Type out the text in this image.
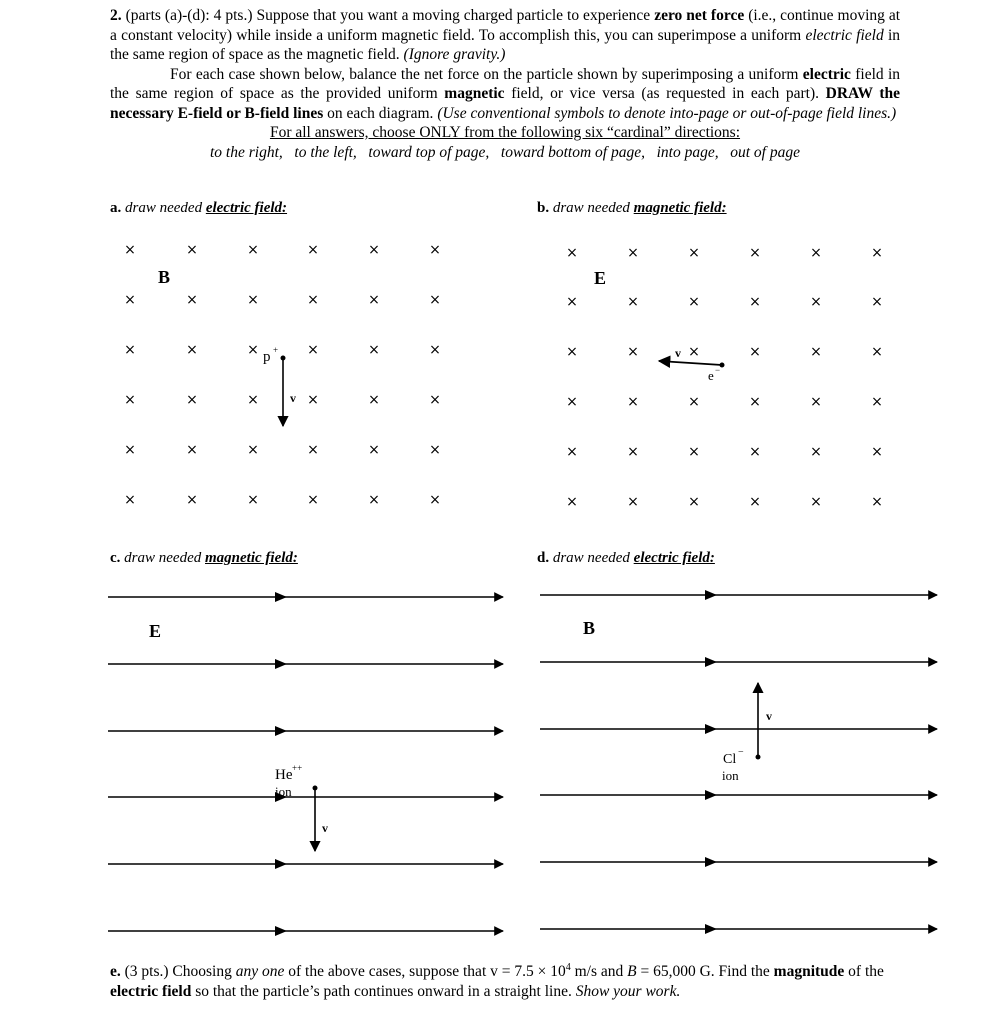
2. (parts (a)-(d): 4 pts.) Suppose that you want a moving charged particle to experience zero net force (i.e., continue moving at a constant velocity) while inside a uniform magnetic field. To accomplish this, you can superimpose a uniform electric field in the same region of space as the magnetic field. (Ignore gravity.)

For each case shown below, balance the net force on the particle shown by superimposing a uniform electric field in the same region of space as the provided uniform magnetic field, or vice versa (as requested in each part). DRAW the necessary E-field or B-field lines on each diagram. (Use conventional symbols to denote into-page or out-of-page field lines.)

For all answers, choose ONLY from the following six “cardinal” directions:

to the right,   to the left,   toward top of page,   toward bottom of page,   into page,   out of page

a. draw needed electric field:	b. draw needed magnetic field:
c. draw needed magnetic field:	d. draw needed electric field:
×	×	×	×	×	×
×	×	×	×	×	×
×	×	×	×	×	×
×	×	×	×	×	×
×	×	×	×	×	×
×	×	×	×	×	×
B
p +
v
×	×	×	×	×	×
×	×	×	×	×	×
×	×	×	×	×	×
×	×	×	×	×	×
×	×	×	×	×	×
×	×	×	×	×	×
E
v
e −
E
He ++
ion
v
B
v
Cl −
ion

e. (3 pts.) Choosing any one of the above cases, suppose that $v = 7.5 \times 10^4$ m/s and B = 65,000 G. Find the magnitude of the electric field so that the particle’s path continues onward in a straight line. Show your work.
